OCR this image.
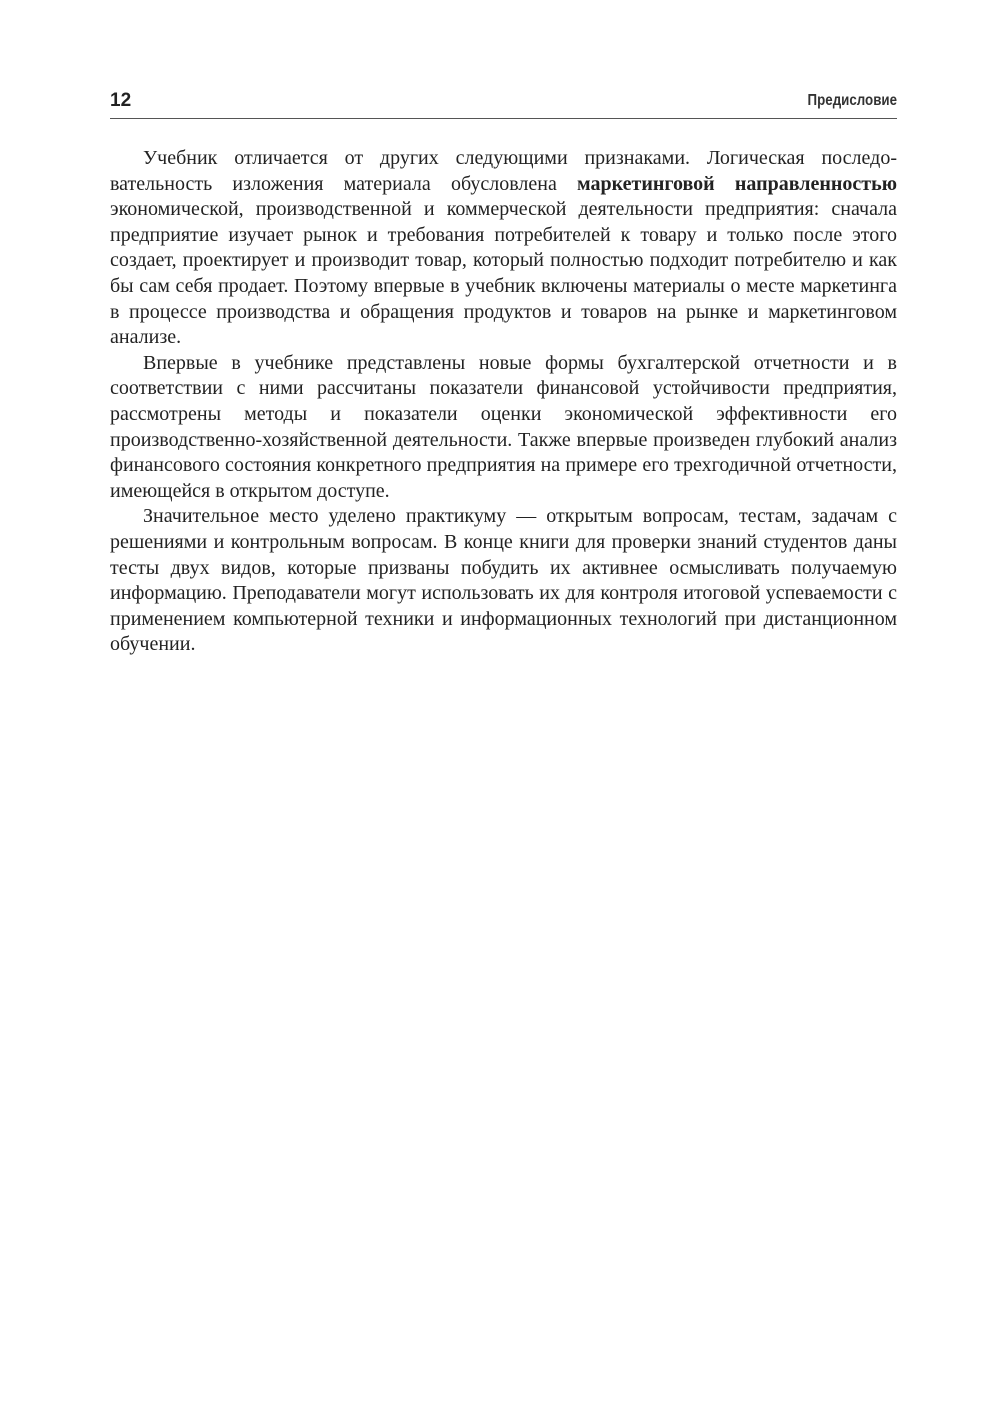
12	Предисловие

Учебник отличается от других следующими признаками. Логическая последовательность изложения материала обусловлена маркетинговой направленностью экономической, производственной и коммерческой деятельности предприятия: сначала предприятие изучает рынок и требования потребителей к товару и только после этого создает, проектирует и производит товар, который полностью подходит потребителю и как бы сам себя продает. Поэтому впервые в учебник включены материалы о месте маркетинга в процессе производства и обращения продуктов и товаров на рынке и маркетинговом анализе.

Впервые в учебнике представлены новые формы бухгалтерской отчетности и в соответствии с ними рассчитаны показатели финансовой устойчивости предприятия, рассмотрены методы и показатели оценки экономической эффективности его производственно-хозяйственной деятельности. Также впервые произведен глубокий анализ финансового состояния конкретного предприятия на примере его трехгодичной отчетности, имеющейся в открытом доступе.

Значительное место уделено практикуму — открытым вопросам, тестам, задачам с решениями и контрольным вопросам. В конце книги для проверки знаний студентов даны тесты двух видов, которые призваны побудить их активнее осмысливать получаемую информацию. Преподаватели могут использовать их для контроля итоговой успеваемости с применением компьютерной техники и информационных технологий при дистанционном обучении.
